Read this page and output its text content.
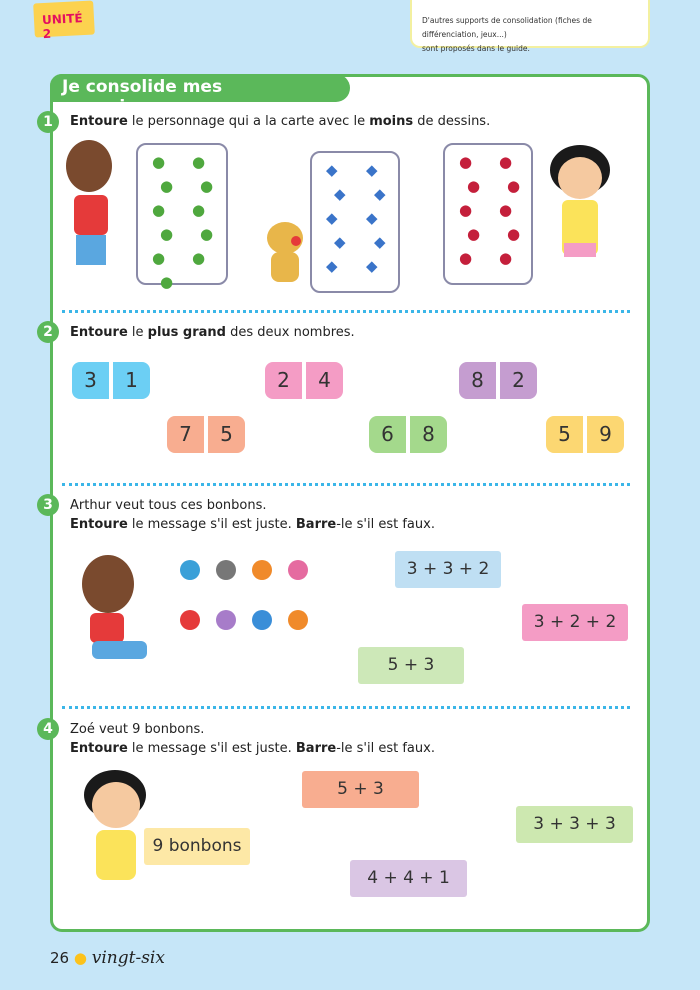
UNITÉ 2
D'autres supports de consolidation (fiches de différenciation, jeux...)
sont proposés dans le guide.
Je consolide mes connaissances
1	Entoure le personnage qui a la carte avec le moins de dessins.
● ●
● ●
● ●
● ●
● ●
●
◆ ◆
◆ ◆
◆ ◆
◆ ◆
◆ ◆
● ●
● ●
● ●
● ●
● ●
2	Entoure le plus grand des deux nombres.
3	1	2	4	8	2
7	5	6	8	5	9
3	Arthur veut tous ces bonbons.
Entoure le message s'il est juste. Barre-le s'il est faux.
3 + 3 + 2
3 + 2 + 2
5 + 3
4	Zoé veut 9 bonbons.
Entoure le message s'il est juste. Barre-le s'il est faux.
9 bonbons
5 + 3
3 + 3 + 3
4 + 4 + 1
26 ● vingt-six
